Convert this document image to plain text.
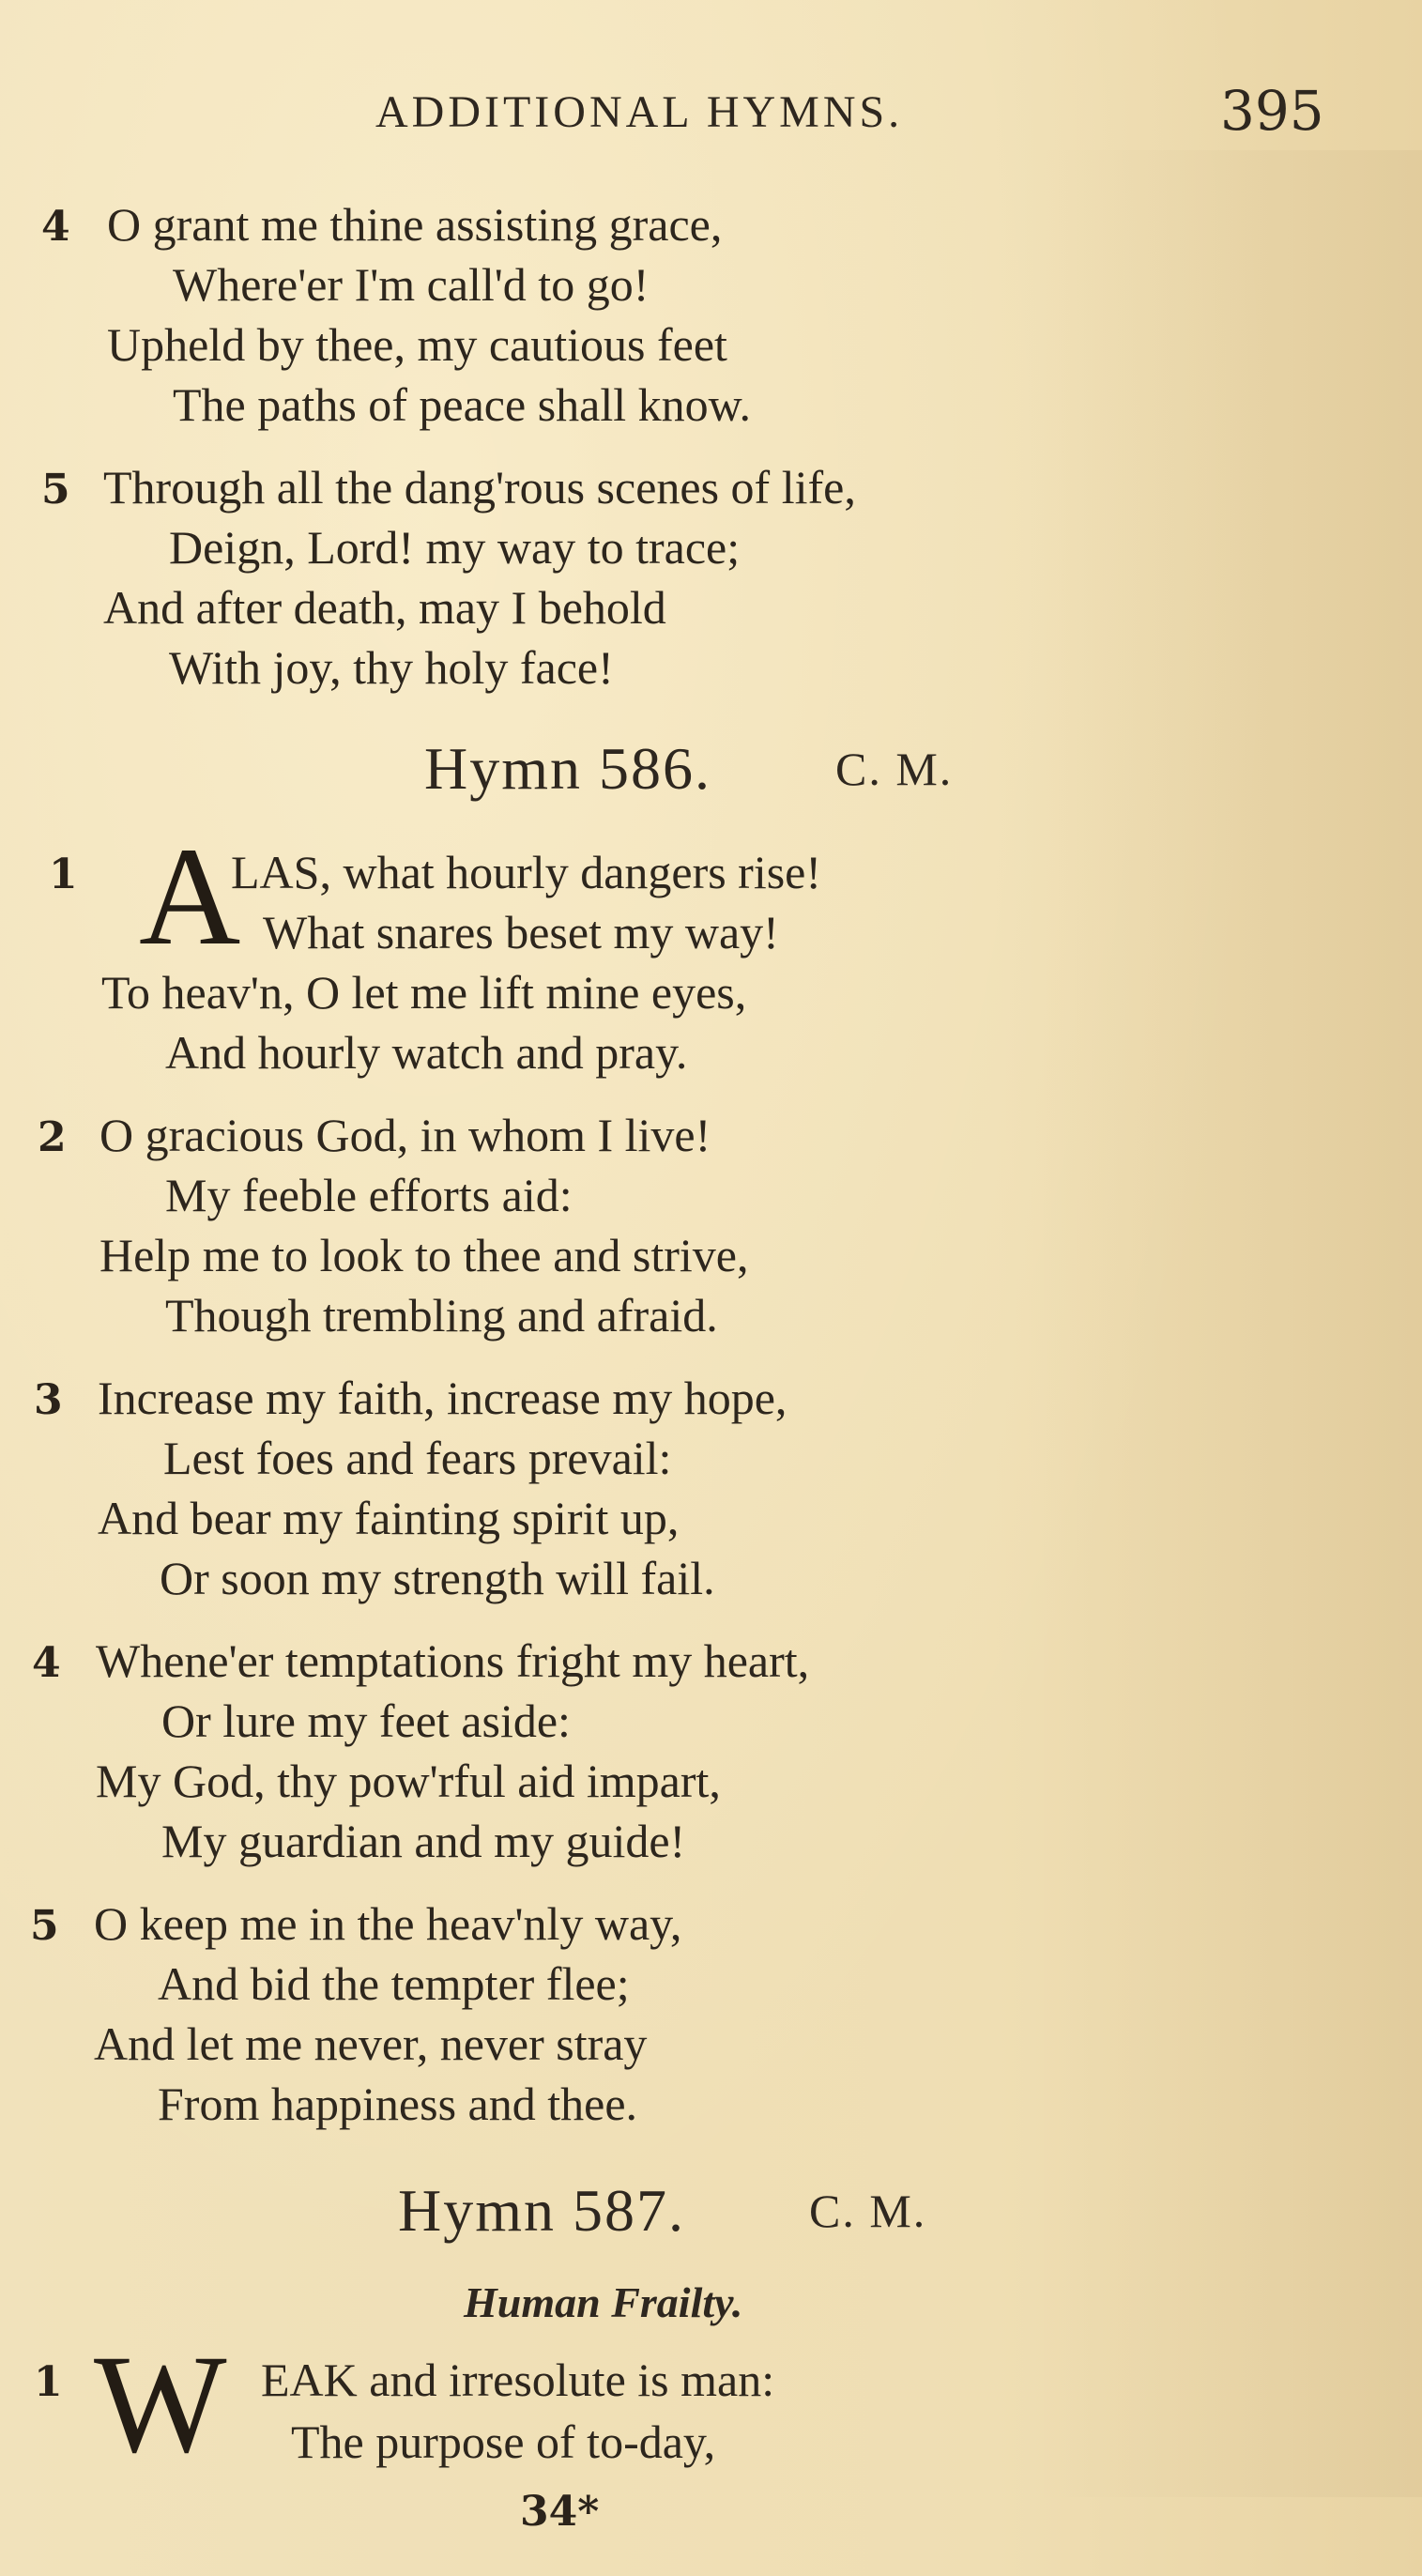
ADDITIONAL HYMNS.	395
4 O grant me thine assisting grace,
Where'er I'm call'd to go!
Upheld by thee, my cautious feet
The paths of peace shall know.
5 Through all the dang'rous scenes of life,
Deign, Lord! my way to trace;
And after death, may I behold
With joy, thy holy face!
Hymn 586.	C. M.
1 A
LAS, what hourly dangers rise!
What snares beset my way!
To heav'n, O let me lift mine eyes,
And hourly watch and pray.
2 O gracious God, in whom I live!
My feeble efforts aid:
Help me to look to thee and strive,
Though trembling and afraid.
3 Increase my faith, increase my hope,
Lest foes and fears prevail:
And bear my fainting spirit up,
Or soon my strength will fail.
4 Whene'er temptations fright my heart,
Or lure my feet aside:
My God, thy pow'rful aid impart,
My guardian and my guide!
5 O keep me in the heav'nly way,
And bid the tempter flee;
And let me never, never stray
From happiness and thee.
Hymn 587.	C. M.
Human Frailty.
1 W EAK and irresolute is man:
The purpose of to-day,
34*
